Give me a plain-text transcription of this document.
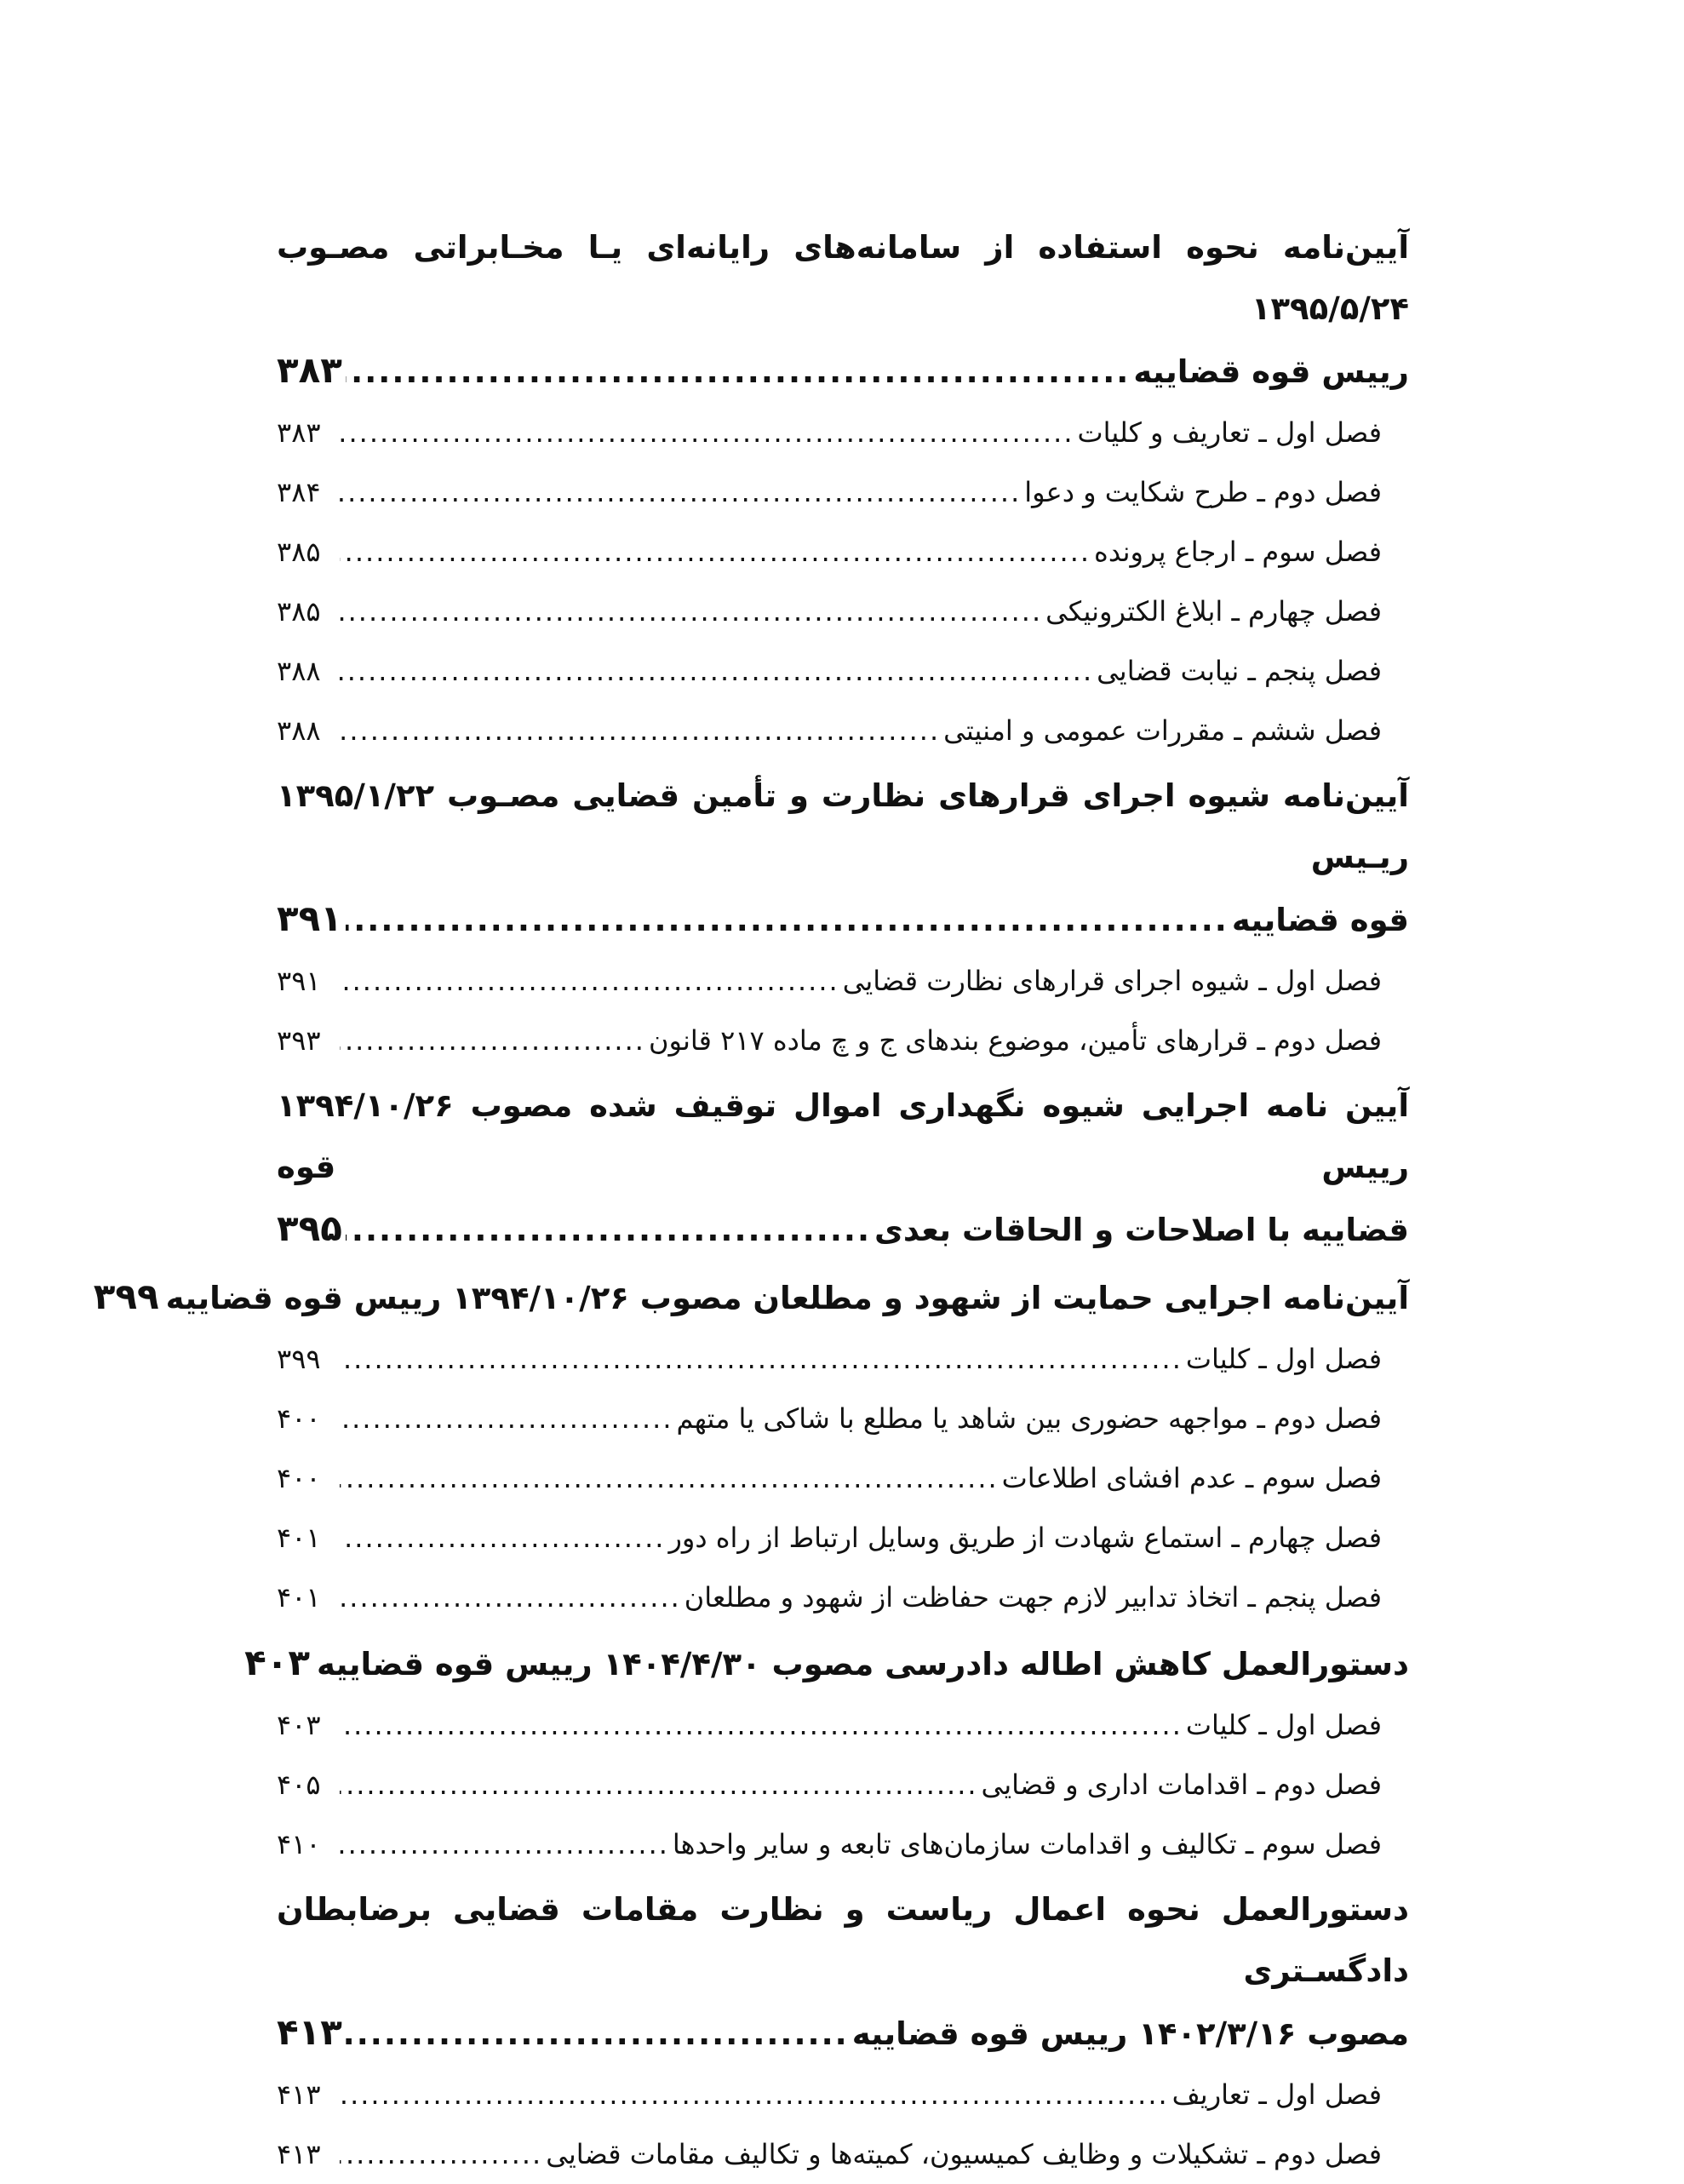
آیین‌نامه نحوه استفاده از سامانه‌های رایانه‌ای یـا مخـابراتی مصـوب ۱۳۹۵/۵/۲۴
رییس قوه قضاییه
.....
۳۸۳
فصل اول ـ تعاریف و کلیات
.....
۳۸۳
فصل دوم ـ طرح شکایت و دعوا
.....
۳۸۴
فصل سوم ـ ارجاع پرونده
.....
۳۸۵
فصل چهارم ـ ابلاغ الکترونیکی
.....
۳۸۵
فصل پنجم ـ نیابت قضایی
.....
۳۸۸
فصل ششم ـ مقررات عمومی و امنیتی
.....
۳۸۸
آیین‌نامه شیوه اجرای قرارهای نظارت و تأمین قضایی مصـوب ۱۳۹۵/۱/۲۲ ریـیس
قوه قضاییه
.....
۳۹۱
فصل اول ـ شیوه اجرای قرارهای نظارت قضایی
.....
۳۹۱
فصل دوم ـ قرارهای تأمین، موضوع بندهای ج و چ ماده ۲۱۷ قانون
.....
۳۹۳
آیین نامه اجرایی شیوه نگهداری اموال توقیف شده مصوب ۱۳۹۴/۱۰/۲۶ رییس قوه
قضاییه با اصلاحات و الحاقات بعدی
.....
۳۹۵
آیین‌نامه اجرایی حمایت از شهود و مطلعان مصوب ۱۳۹۴/۱۰/۲۶ رییس قوه قضاییه
۳۹۹
فصل اول ـ کلیات
.....
۳۹۹
فصل دوم ـ مواجهه حضوری بین شاهد یا مطلع با شاکی یا متهم
.....
۴۰۰
فصل سوم ـ عدم افشای اطلاعات
.....
۴۰۰
فصل چهارم ـ استماع شهادت از طریق وسایل ارتباط از راه دور
.....
۴۰۱
فصل پنجم ـ اتخاذ تدابیر لازم جهت حفاظت از شهود و مطلعان
.....
۴۰۱
دستورالعمل کاهش اطاله دادرسی مصوب ۱۴۰۴/۴/۳۰ رییس قوه قضاییه
۴۰۳
فصل اول ـ کلیات
.....
۴۰۳
فصل دوم ـ اقدامات اداری و قضایی
.....
۴۰۵
فصل سوم ـ تکالیف و اقدامات سازمان‌های تابعه و سایر واحدها
.....
۴۱۰
دستورالعمل نحوه اعمال ریاست و نظارت مقامات قضایی برضابطان دادگسـتری
مصوب ۱۴۰۲/۳/۱۶ رییس قوه قضاییه
.....
۴۱۳
فصل اول ـ تعاریف
.....
۴۱۳
فصل دوم ـ تشکیلات و وظایف کمیسیون، کمیته‌ها و تکالیف مقامات قضایی
.....
۴۱۳
